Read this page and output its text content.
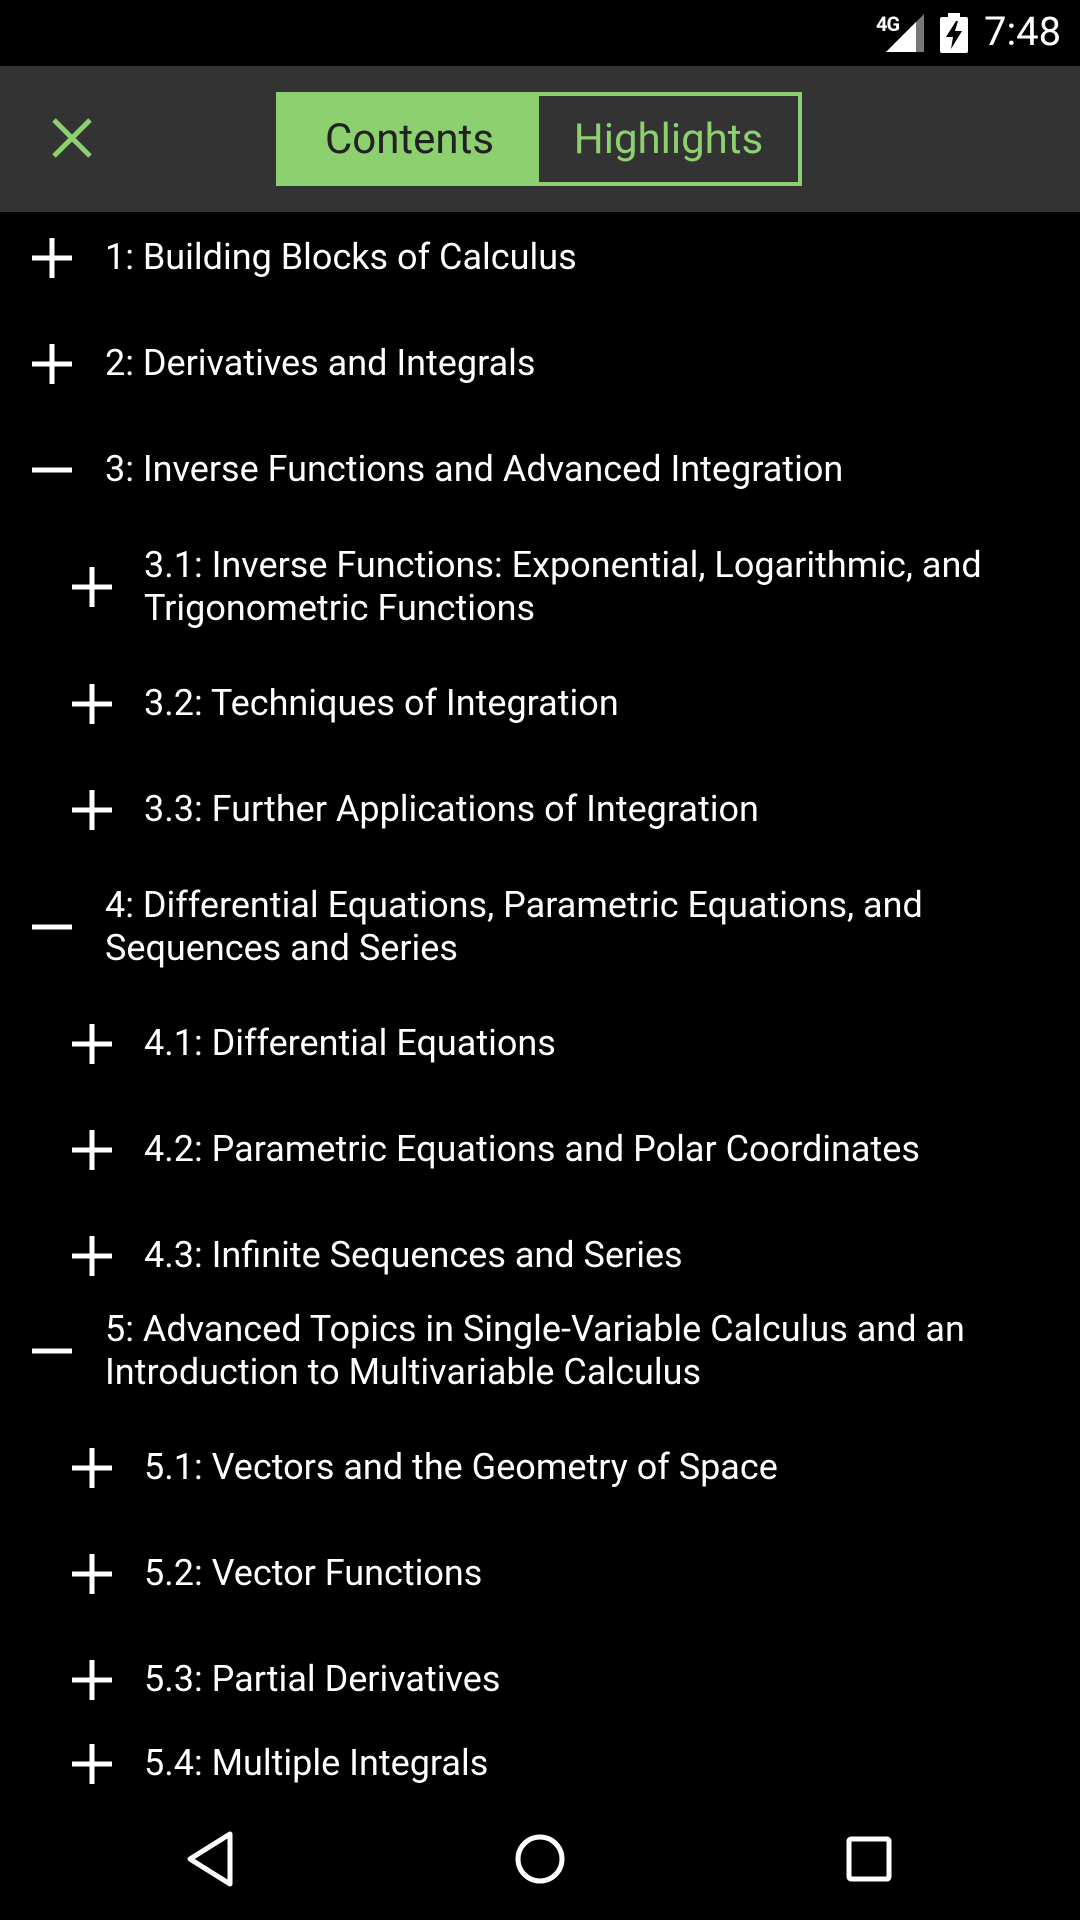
4G 7:48
Contents	Highlights
1: Building Blocks of Calculus
2: Derivatives and Integrals
3: Inverse Functions and Advanced Integration
3.1: Inverse Functions: Exponential, Logarithmic, and Trigonometric Functions
3.2: Techniques of Integration
3.3: Further Applications of Integration
4: Differential Equations, Parametric Equations, and Sequences and Series
4.1: Differential Equations
4.2: Parametric Equations and Polar Coordinates
4.3: Infinite Sequences and Series
5: Advanced Topics in Single-Variable Calculus and an Introduction to Multivariable Calculus
5.1: Vectors and the Geometry of Space
5.2: Vector Functions
5.3: Partial Derivatives
5.4: Multiple Integrals
